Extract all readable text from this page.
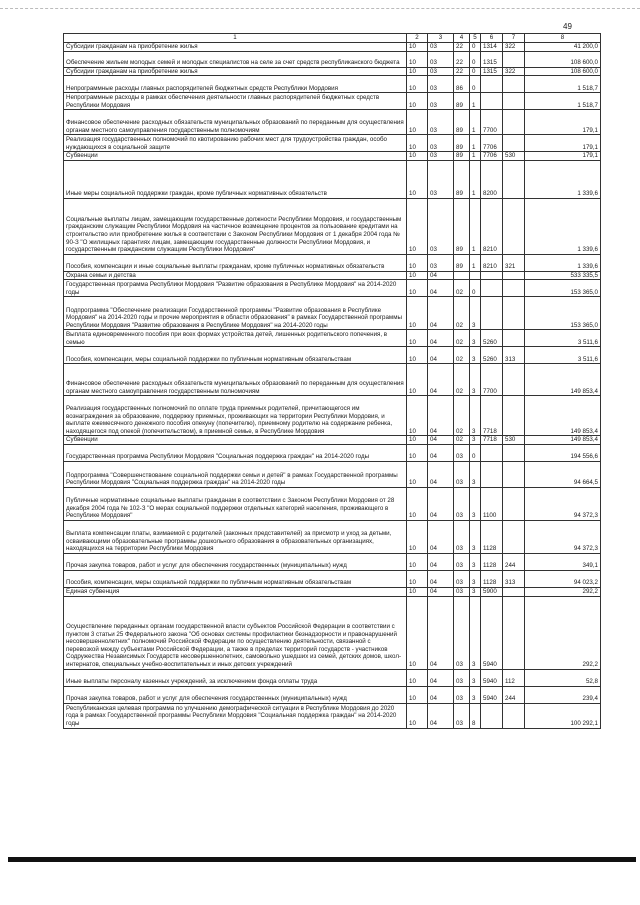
49
1	2	3	4	5	6	7	8
Субсидии гражданам на приобретение жилья	10	03	22	0	1314	322	41 200,0
Обеспечение жильем молодых семей и молодых специалистов на селе за счет средств республиканского бюджета	10	03	22	0	1315		108 600,0
Субсидии гражданам на приобретение жилья	10	03	22	0	1315	322	108 600,0
Непрограммные расходы главных распорядителей бюджетных средств Республики Мордовия	10	03	86	0			1 518,7
Непрограммные расходы в рамках обеспечения деятельности главных распорядителей бюджетных средств Республики Мордовия	10	03	89	1			1 518,7
Финансовое обеспечение расходных обязательств муниципальных образований по переданным для осуществления органам местного самоуправления государственным полномочиям	10	03	89	1	7700		179,1
Реализация государственных полномочий по квотированию рабочих мест для трудоустройства граждан, особо нуждающихся в социальной защите	10	03	89	1	7706		179,1
Субвенции	10	03	89	1	7706	530	179,1
Иные меры социальной поддержки граждан, кроме публичных нормативных обязательств	10	03	89	1	8200		1 339,6
Социальные выплаты лицам, замещающим государственные должности Республики Мордовия, и государственным гражданским служащим Республики Мордовия на частичное возмещение процентов за пользование кредитами на строительство или приобретение жилья в соответствии с Законом Республики Мордовия от 1 декабря 2004 года № 90-З "О жилищных гарантиях лицам, замещающим государственные должности Республики Мордовия, и государственным гражданским служащим Республики Мордовия"	10	03	89	1	8210		1 339,6
Пособия, компенсации и иные социальные выплаты гражданам, кроме публичных нормативных обязательств	10	03	89	1	8210	321	1 339,6
Охрана семьи и детства	10	04					533 335,5
Государственная программа Республики Мордовия "Развитие образования в Республике Мордовия" на 2014-2020 годы	10	04	02	0			153 365,0
Подпрограмма "Обеспечение реализации Государственной программы "Развитие образования в Республике Мордовия" на 2014-2020 годы и прочие мероприятия в области образования" в рамках Государственной программы Республики Мордовия "Развитие образования в Республике Мордовия" на 2014-2020 годы	10	04	02	3			153 365,0
Выплата единовременного пособия при всех формах устройства детей, лишенных родительского попечения, в семью	10	04	02	3	5260		3 511,6
Пособия, компенсации, меры социальной поддержки по публичным нормативным обязательствам	10	04	02	3	5260	313	3 511,6
Финансовое обеспечение расходных обязательств муниципальных образований по переданным для осуществления органам местного самоуправления государственным полномочиям	10	04	02	3	7700		149 853,4
Реализация государственных полномочий по оплате труда приемных родителей, причитающегося им вознаграждения за образование, поддержку приемных, проживающих на территории Республики Мордовия, и выплате ежемесячного денежного пособия опекуну (попечителю), приемному родителю на содержание ребенка, находящегося под опекой (попечительством), в приемной семье, в Республике Мордовия	10	04	02	3	7718		149 853,4
Субвенции	10	04	02	3	7718	530	149 853,4
Государственная программа Республики Мордовия "Социальная поддержка граждан" на 2014-2020 годы	10	04	03	0			194 556,6
Подпрограмма "Совершенствование социальной поддержки семьи и детей" в рамках Государственной программы Республики Мордовия "Социальная поддержка граждан" на 2014-2020 годы	10	04	03	3			94 664,5
Публичные нормативные социальные выплаты гражданам в соответствии с Законом Республики Мордовия от 28 декабря 2004 года № 102-З "О мерах социальной поддержки отдельных категорий населения, проживающего в Республике Мордовия"	10	04	03	3	1100		94 372,3
Выплата компенсации платы, взимаемой с родителей (законных представителей) за присмотр и уход за детьми, осваивающими образовательные программы дошкольного образования в образовательных организациях, находящихся на территории Республики Мордовия	10	04	03	3	1128		94 372,3
Прочая закупка товаров, работ и услуг для обеспечения государственных (муниципальных) нужд	10	04	03	3	1128	244	349,1
Пособия, компенсации, меры социальной поддержки по публичным нормативным обязательствам	10	04	03	3	1128	313	94 023,2
Единая субвенция	10	04	03	3	5900		292,2
Осуществление переданных органам государственной власти субъектов Российской Федерации в соответствии с пунктом 3 статьи 25 Федерального закона "Об основах системы профилактики безнадзорности и правонарушений несовершеннолетних" полномочий Российской Федерации по осуществлению деятельности, связанной с перевозкой между субъектами Российской Федерации, а также в пределах территорий государств - участников Содружества Независимых Государств несовершеннолетних, самовольно ушедших из семей, детских домов, школ-интернатов, специальных учебно-воспитательных и иных детских учреждений	10	04	03	3	5940		292,2
Иные выплаты персоналу казенных учреждений, за исключением фонда оплаты труда	10	04	03	3	5940	112	52,8
Прочая закупка товаров, работ и услуг для обеспечения государственных (муниципальных) нужд	10	04	03	3	5940	244	239,4
Республиканская целевая программа по улучшению демографической ситуации в Республике Мордовия до 2020 года в рамках Государственной программы Республики Мордовия "Социальная поддержка граждан" на 2014-2020 годы	10	04	03	8			100 292,1
